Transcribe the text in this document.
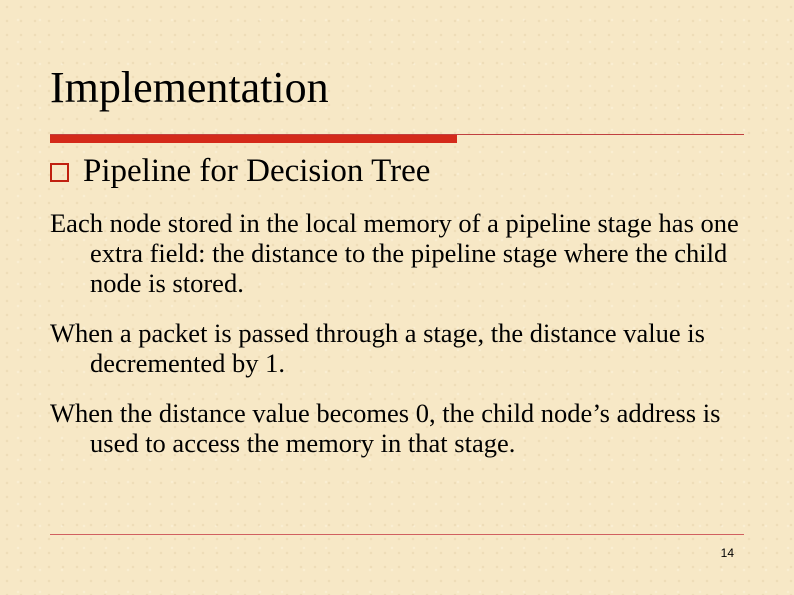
Implementation
Pipeline for Decision Tree

Each node stored in the local memory of a pipeline stage has one extra field: the distance to the pipeline stage where the child node is stored.

When a packet is passed through a stage, the distance value is decremented by 1.

When the distance value becomes 0, the child node’s address is used to access the memory in that stage.

14
